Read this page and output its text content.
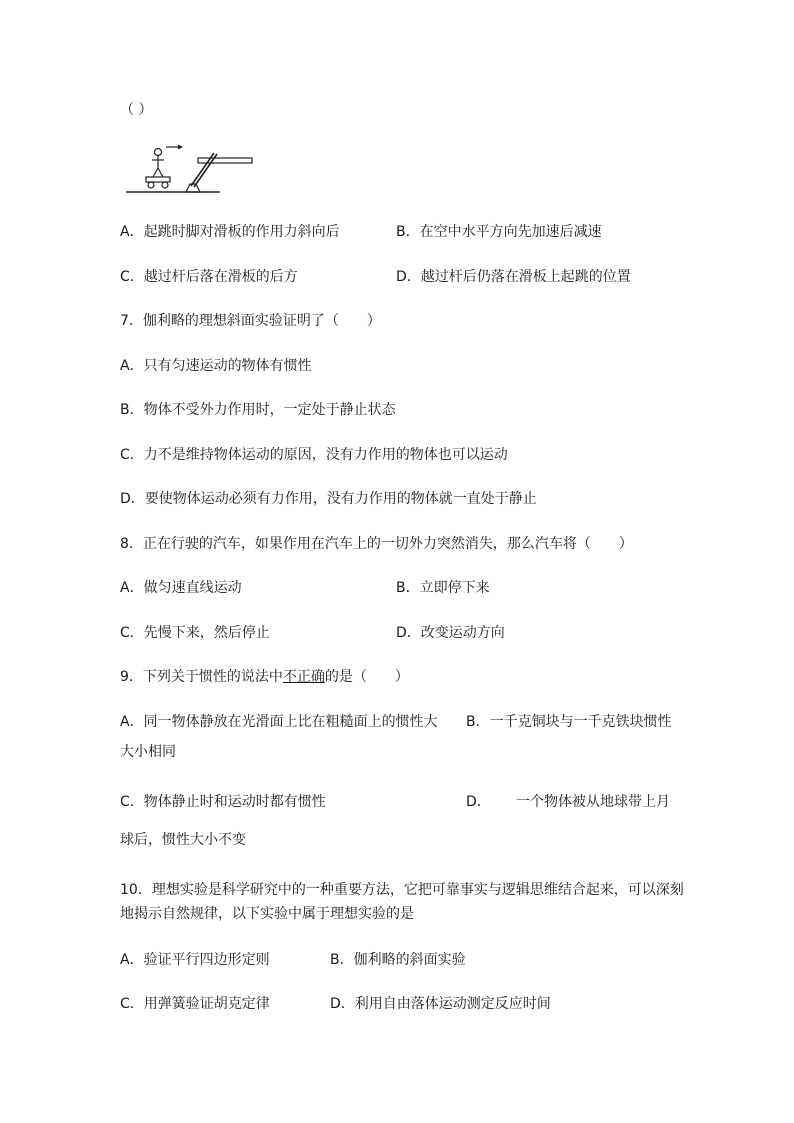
（ ）
A．起跳时脚对滑板的作用力斜向后	B．在空中水平方向先加速后减速
C．越过杆后落在滑板的后方	D．越过杆后仍落在滑板上起跳的位置
7．伽利略的理想斜面实验证明了（　　）
A．只有匀速运动的物体有惯性
B．物体不受外力作用时，一定处于静止状态
C．力不是维持物体运动的原因，没有力作用的物体也可以运动
D．要使物体运动必须有力作用，没有力作用的物体就一直处于静止
8．正在行驶的汽车，如果作用在汽车上的一切外力突然消失，那么汽车将（　　）
A．做匀速直线运动	B．立即停下来
C．先慢下来，然后停止	D．改变运动方向
9．下列关于惯性的说法中不正确的是（　　）
A．同一物体静放在光滑面上比在粗糙面上的惯性大 B．一千克铜块与一千克铁块惯性
大小相同
C．物体静止时和运动时都有惯性	D． 一个物体被从地球带上月
球后，惯性大小不变
10．理想实验是科学研究中的一种重要方法，它把可靠事实与逻辑思维结合起来，可以深刻
地揭示自然规律，以下实验中属于理想实验的是
A．验证平行四边形定则	B．伽利略的斜面实验
C．用弹簧验证胡克定律	D．利用自由落体运动测定反应时间
